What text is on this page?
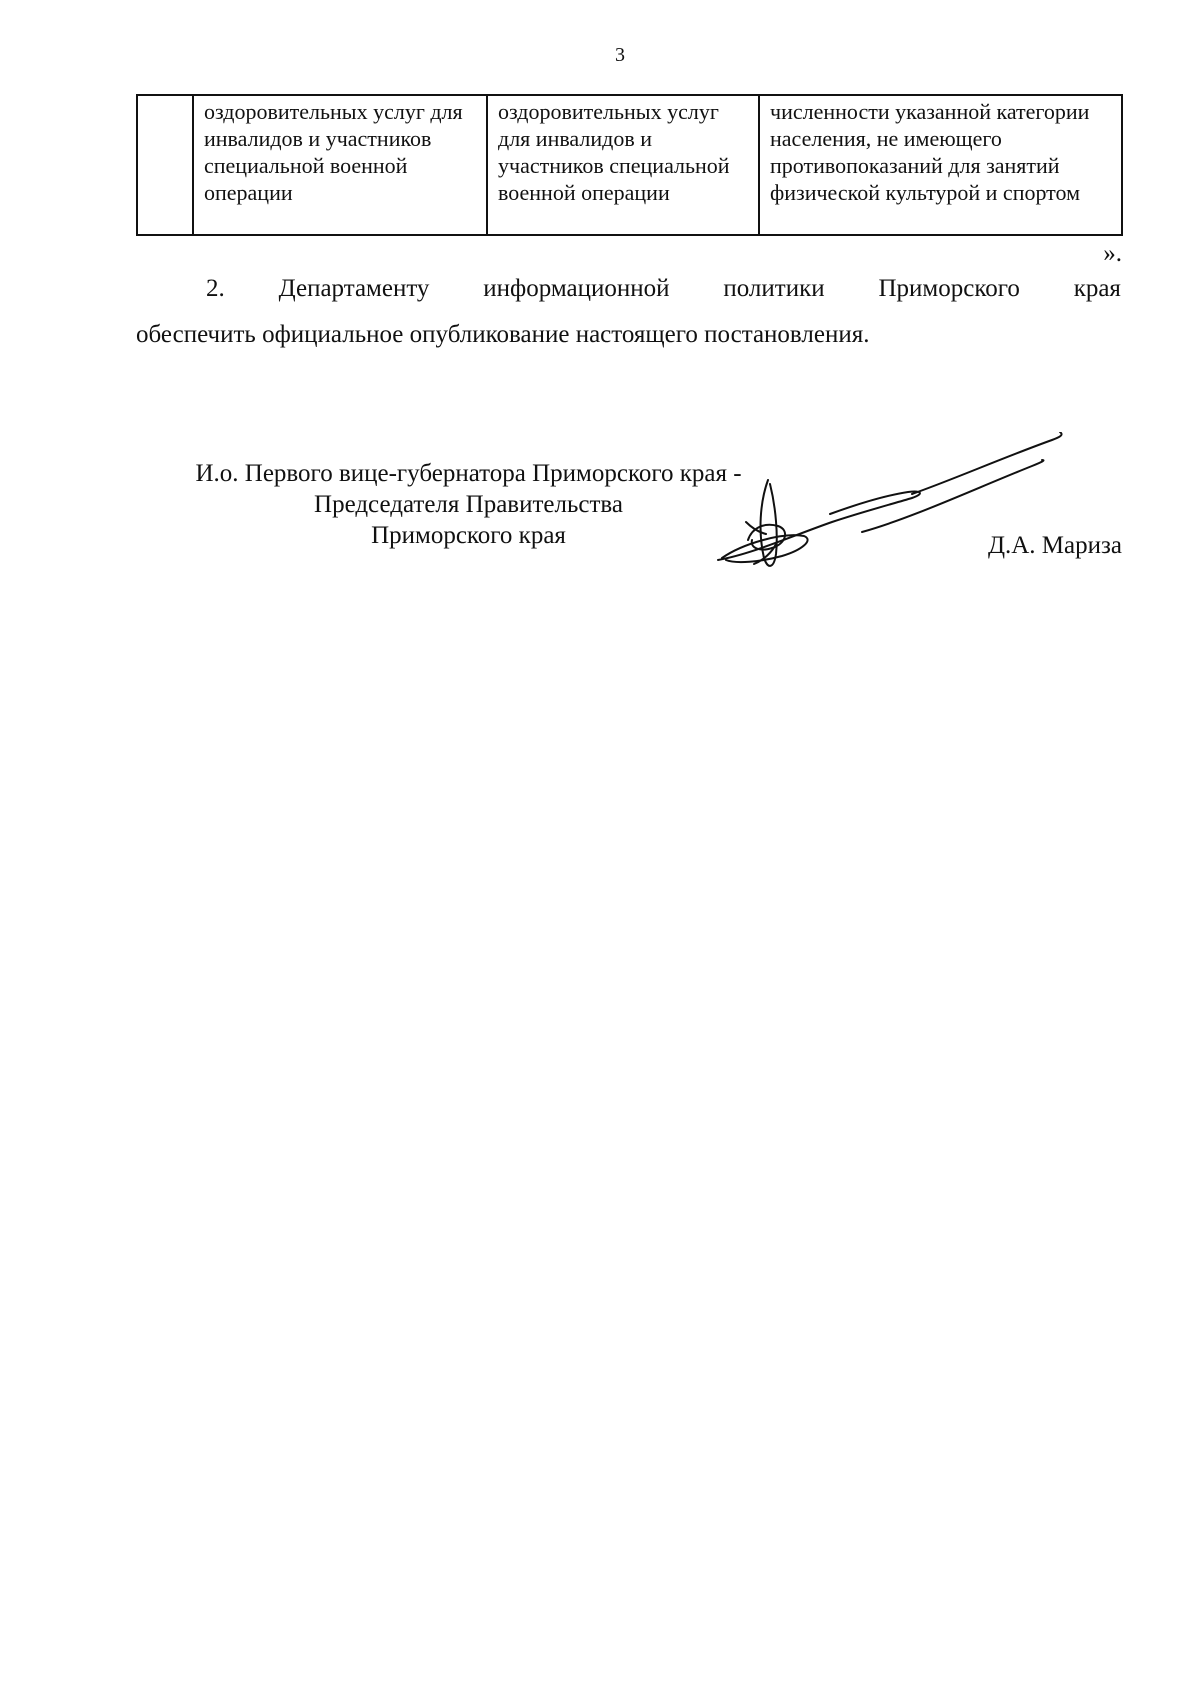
3
	оздоровительных услуг для инвалидов и участников специальной военной операции	оздоровительных услуг для инвалидов и участников специальной военной операции	численности указанной категории населения, не имеющего противопоказаний для занятий физической культурой и спортом
».
2. Департаменту информационной политики Приморского края
обеспечить официальное опубликование настоящего постановления.
И.о. Первого вице-губернатора Приморского края -
Председателя Правительства
Приморского края	Д.А. Мариза
